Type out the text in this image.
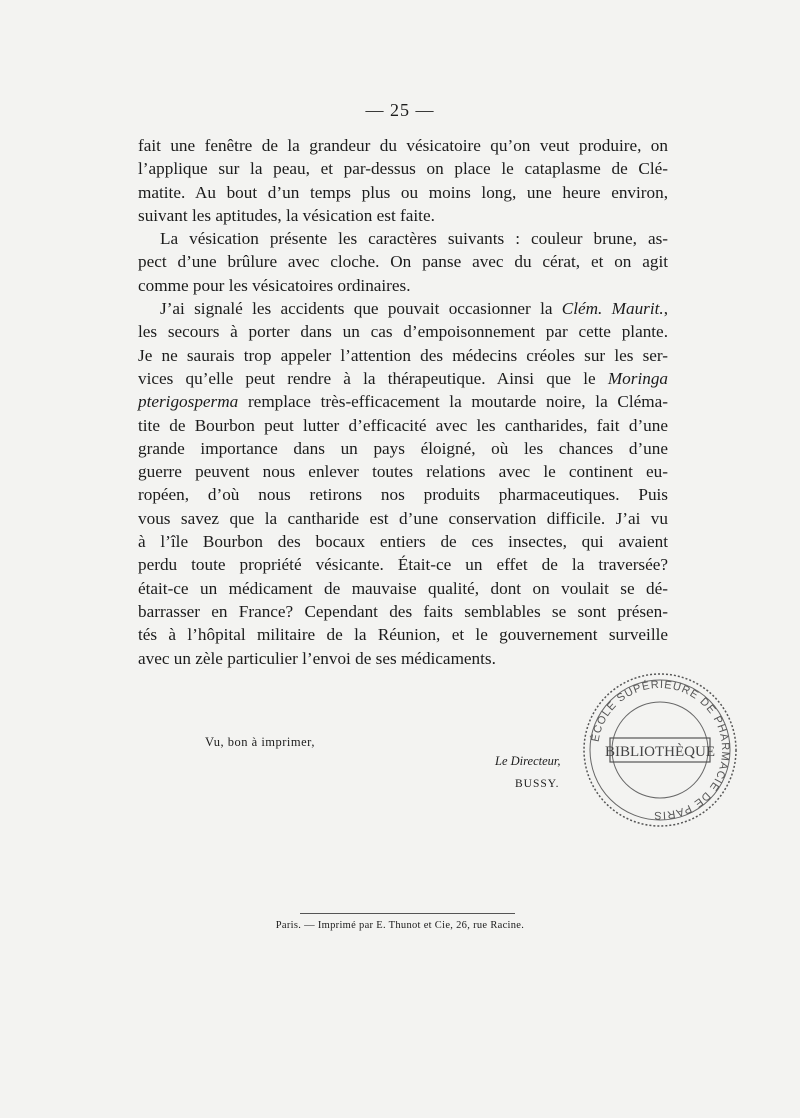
— 25 —
fait une fenêtre de la grandeur du vésicatoire qu’on veut produire, on
l’applique sur la peau, et par-dessus on place le cataplasme de Clé-
matite. Au bout d’un temps plus ou moins long, une heure environ,
suivant les aptitudes, la vésication est faite.
La vésication présente les caractères suivants : couleur brune, as-
pect d’une brûlure avec cloche. On panse avec du cérat, et on agit
comme pour les vésicatoires ordinaires.
J’ai signalé les accidents que pouvait occasionner la Clém. Maurit.,
les secours à porter dans un cas d’empoisonnement par cette plante.
Je ne saurais trop appeler l’attention des médecins créoles sur les ser-
vices qu’elle peut rendre à la thérapeutique. Ainsi que le Moringa
pterigosperma remplace très-efficacement la moutarde noire, la Cléma-
tite de Bourbon peut lutter d’efficacité avec les cantharides, fait d’une
grande importance dans un pays éloigné, où les chances d’une
guerre peuvent nous enlever toutes relations avec le continent eu-
ropéen, d’où nous retirons nos produits pharmaceutiques. Puis
vous savez que la cantharide est d’une conservation difficile. J’ai vu
à l’île Bourbon des bocaux entiers de ces insectes, qui avaient
perdu toute propriété vésicante. Était-ce un effet de la traversée?
était-ce un médicament de mauvaise qualité, dont on voulait se dé-
barrasser en France? Cependant des faits semblables se sont présen-
tés à l’hôpital militaire de la Réunion, et le gouvernement surveille
avec un zèle particulier l’envoi de ses médicaments.
Vu, bon à imprimer,
Le Directeur,
BUSSY.
ÉCOLE SUPÉRIEURE DE PHARMACIE DE PARIS
BIBLIOTHÈQUE
Paris. — Imprimé par E. Thunot et Cie, 26, rue Racine.
